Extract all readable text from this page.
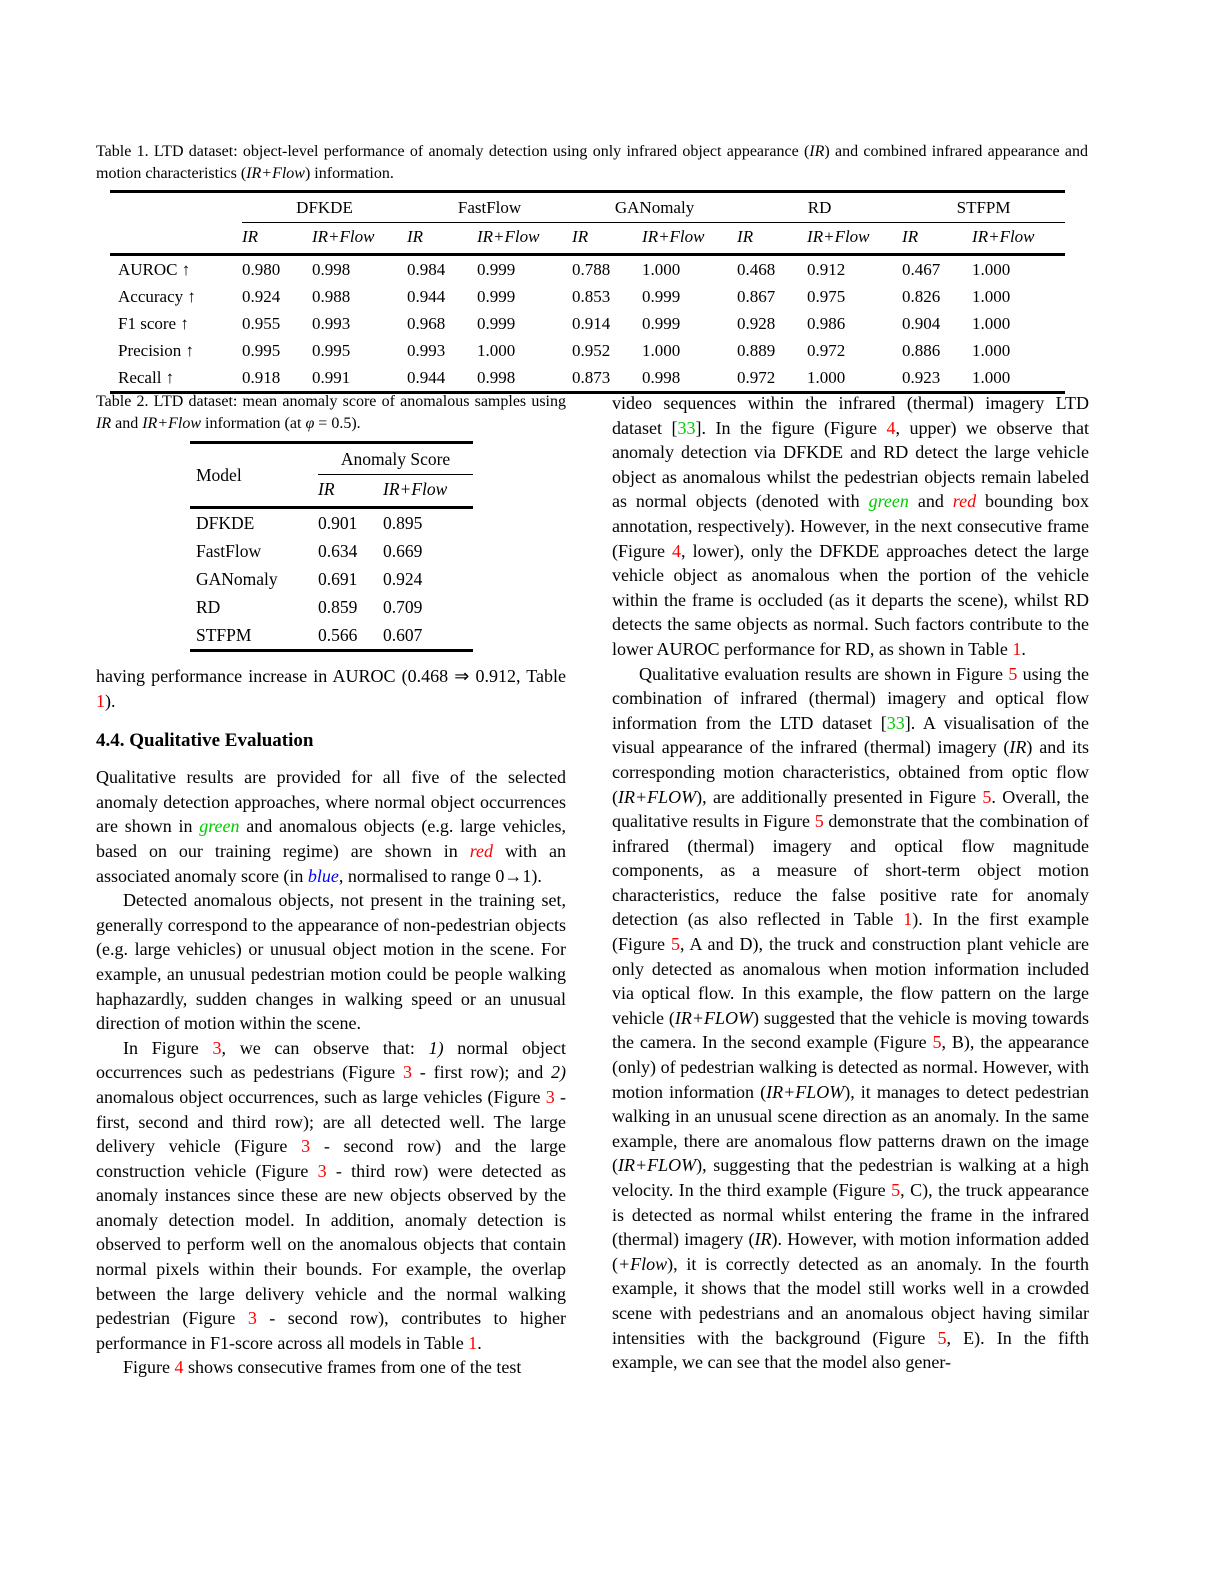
Table 1. LTD dataset: object-level performance of anomaly detection using only infrared object appearance (IR) and combined infrared appearance and motion characteristics (IR+Flow) information.

	DFKDE		FastFlow		GANomaly		RD		STFPM	
	IR	IR+Flow	IR	IR+Flow	IR	IR+Flow	IR	IR+Flow	IR	IR+Flow
AUROC ↑	0.980	0.998	0.984	0.999	0.788	1.000	0.468	0.912	0.467	1.000
Accuracy ↑	0.924	0.988	0.944	0.999	0.853	0.999	0.867	0.975	0.826	1.000
F1 score ↑	0.955	0.993	0.968	0.999	0.914	0.999	0.928	0.986	0.904	1.000
Precision ↑	0.995	0.995	0.993	1.000	0.952	1.000	0.889	0.972	0.886	1.000
Recall ↑	0.918	0.991	0.944	0.998	0.873	0.998	0.972	1.000	0.923	1.000

Table 2. LTD dataset: mean anomaly score of anomalous samples using IR and IR+Flow information (at φ = 0.5).

Model	Anomaly Score	
	IR	IR+Flow
DFKDE	0.901	0.895
FastFlow	0.634	0.669
GANomaly	0.691	0.924
RD	0.859	0.709
STFPM	0.566	0.607

having performance increase in AUROC (0.468 ⇒ 0.912, Table 1).

4.4. Qualitative Evaluation

Qualitative results are provided for all five of the selected anomaly detection approaches, where normal object occurrences are shown in green and anomalous objects (e.g. large vehicles, based on our training regime) are shown in red with an associated anomaly score (in blue, normalised to range 0→1).

Detected anomalous objects, not present in the training set, generally correspond to the appearance of non-pedestrian objects (e.g. large vehicles) or unusual object motion in the scene. For example, an unusual pedestrian motion could be people walking haphazardly, sudden changes in walking speed or an unusual direction of motion within the scene.

In Figure 3, we can observe that: 1) normal object occurrences such as pedestrians (Figure 3 - first row); and 2) anomalous object occurrences, such as large vehicles (Figure 3 - first, second and third row); are all detected well. The large delivery vehicle (Figure 3 - second row) and the large construction vehicle (Figure 3 - third row) were detected as anomaly instances since these are new objects observed by the anomaly detection model. In addition, anomaly detection is observed to perform well on the anomalous objects that contain normal pixels within their bounds. For example, the overlap between the large delivery vehicle and the normal walking pedestrian (Figure 3 - second row), contributes to higher performance in F1-score across all models in Table 1.

Figure 4 shows consecutive frames from one of the test

video sequences within the infrared (thermal) imagery LTD dataset [33]. In the figure (Figure 4, upper) we observe that anomaly detection via DFKDE and RD detect the large vehicle object as anomalous whilst the pedestrian objects remain labeled as normal objects (denoted with green and red bounding box annotation, respectively). However, in the next consecutive frame (Figure 4, lower), only the DFKDE approaches detect the large vehicle object as anomalous when the portion of the vehicle within the frame is occluded (as it departs the scene), whilst RD detects the same objects as normal. Such factors contribute to the lower AUROC performance for RD, as shown in Table 1.

Qualitative evaluation results are shown in Figure 5 using the combination of infrared (thermal) imagery and optical flow information from the LTD dataset [33]. A visualisation of the visual appearance of the infrared (thermal) imagery (IR) and its corresponding motion characteristics, obtained from optic flow (IR+FLOW), are additionally presented in Figure 5. Overall, the qualitative results in Figure 5 demonstrate that the combination of infrared (thermal) imagery and optical flow magnitude components, as a measure of short-term object motion characteristics, reduce the false positive rate for anomaly detection (as also reflected in Table 1). In the first example (Figure 5, A and D), the truck and construction plant vehicle are only detected as anomalous when motion information included via optical flow. In this example, the flow pattern on the large vehicle (IR+FLOW) suggested that the vehicle is moving towards the camera. In the second example (Figure 5, B), the appearance (only) of pedestrian walking is detected as normal. However, with motion information (IR+FLOW), it manages to detect pedestrian walking in an unusual scene direction as an anomaly. In the same example, there are anomalous flow patterns drawn on the image (IR+FLOW), suggesting that the pedestrian is walking at a high velocity. In the third example (Figure 5, C), the truck appearance is detected as normal whilst entering the frame in the infrared (thermal) imagery (IR). However, with motion information added (+Flow), it is correctly detected as an anomaly. In the fourth example, it shows that the model still works well in a crowded scene with pedestrians and an anomalous object having similar intensities with the background (Figure 5, E). In the fifth example, we can see that the model also gener-
